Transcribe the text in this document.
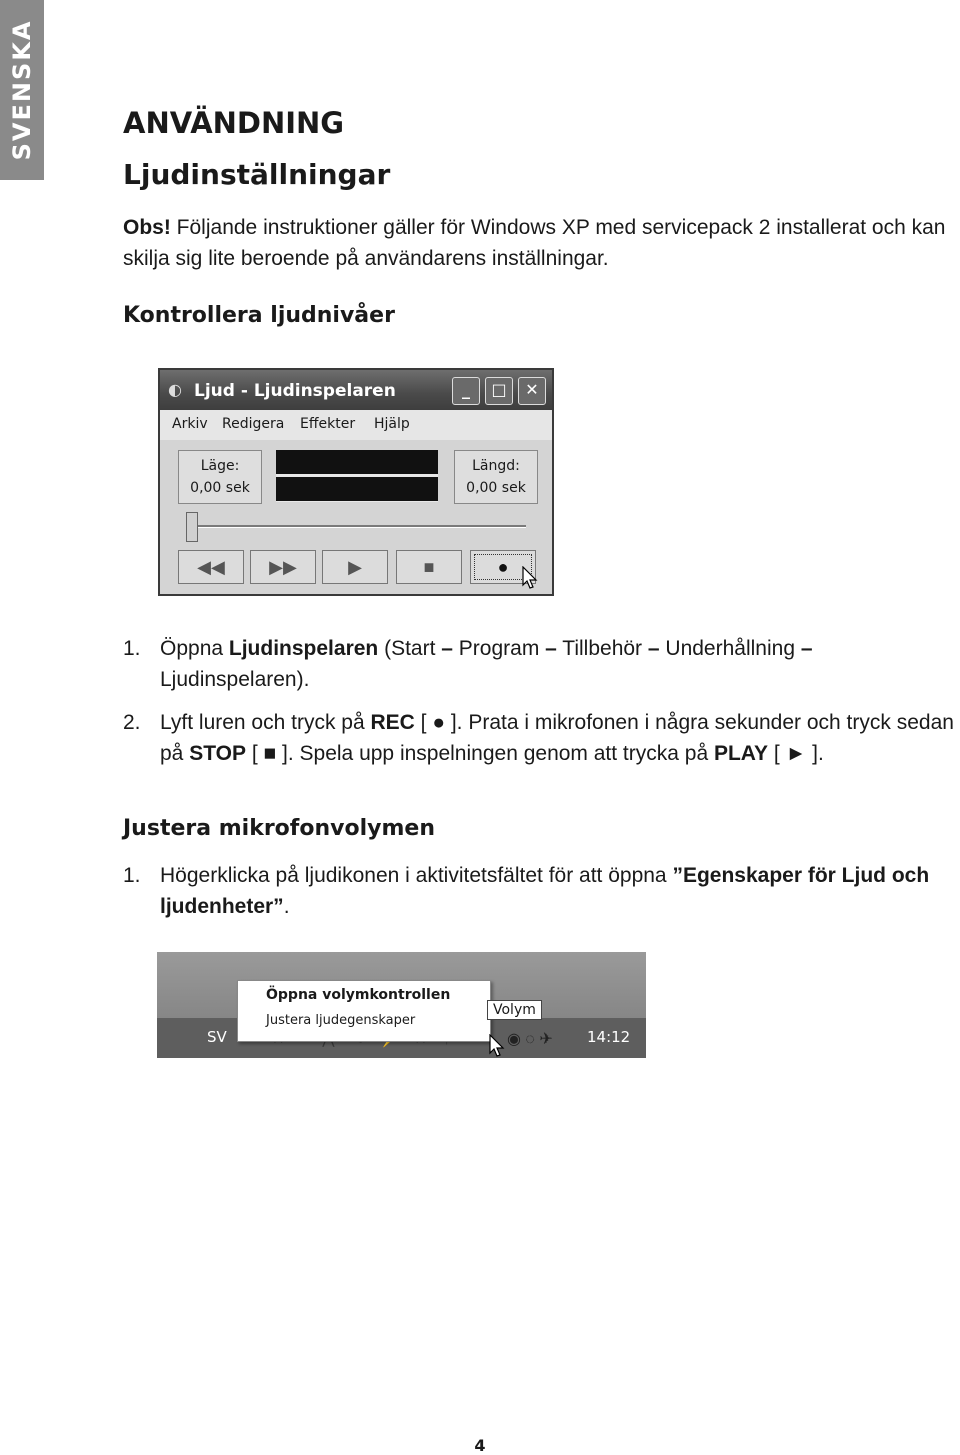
SVENSKA	ANVÄNDNING
Ljudinställningar
Obs! Följande instruktioner gäller för Windows XP med servicepack 2 installerat och kan skilja sig lite beroende på användarens inställningar.
Kontrollera ljudnivåer
◐ Ljud - Ljudinspelaren	_	□	✕
Arkiv Redigera Effekter Hjälp
Läge:
0,00 sek
Längd:
0,00 sek
◀◀	▶▶	▶	■	●
1. Öppna Ljudinspelaren (Start – Program – Tillbehör – Underhållning – Ljudinspelaren).
2. Lyft luren och tryck på REC [ ● ]. Prata i mikrofonen i några sekunder och tryck sedan på STOP [ ■ ]. Spela upp inspelningen genom att trycka på PLAY [ ► ].
Justera mikrofonvolymen
1. Högerklicka på ljudikonen i aktivitetsfältet för att öppna ”Egenskaper för Ljud och ljudenheter”.
SV	◉ ◌ ✈ 14:12
Öppna volymkontrollen
Justera ljudegenskaper
Volym
4
